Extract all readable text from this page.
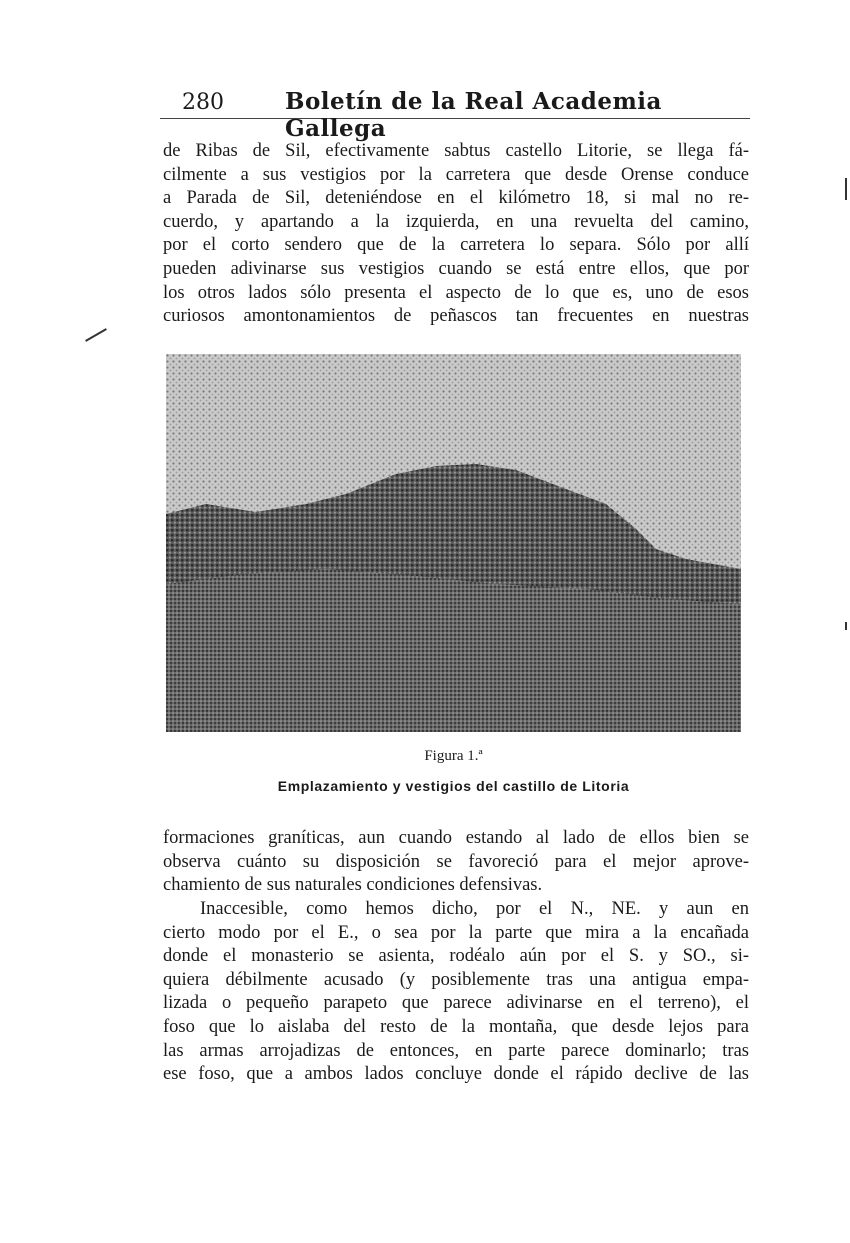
280	Boletín de la Real Academia Gallega
de Ribas de Sil, efectivamente sabtus castello Litorie, se llega fá-
cilmente a sus vestigios por la carretera que desde Orense conduce
a Parada de Sil, deteniéndose en el kilómetro 18, si mal no re-
cuerdo, y apartando a la izquierda, en una revuelta del camino,
por el corto sendero que de la carretera lo separa. Sólo por allí
pueden adivinarse sus vestigios cuando se está entre ellos, que por
los otros lados sólo presenta el aspecto de lo que es, uno de esos
curiosos amontonamientos de peñascos tan frecuentes en nuestras
Figura 1.ª
Emplazamiento y vestigios del castillo de Litoria
formaciones graníticas, aun cuando estando al lado de ellos bien se
observa cuánto su disposición se favoreció para el mejor aprove-
chamiento de sus naturales condiciones defensivas.
Inaccesible, como hemos dicho, por el N., NE. y aun en
cierto modo por el E., o sea por la parte que mira a la encañada
donde el monasterio se asienta, rodéalo aún por el S. y SO., si-
quiera débilmente acusado (y posiblemente tras una antigua empa-
lizada o pequeño parapeto que parece adivinarse en el terreno), el
foso que lo aislaba del resto de la montaña, que desde lejos para
las armas arrojadizas de entonces, en parte parece dominarlo; tras
ese foso, que a ambos lados concluye donde el rápido declive de las
